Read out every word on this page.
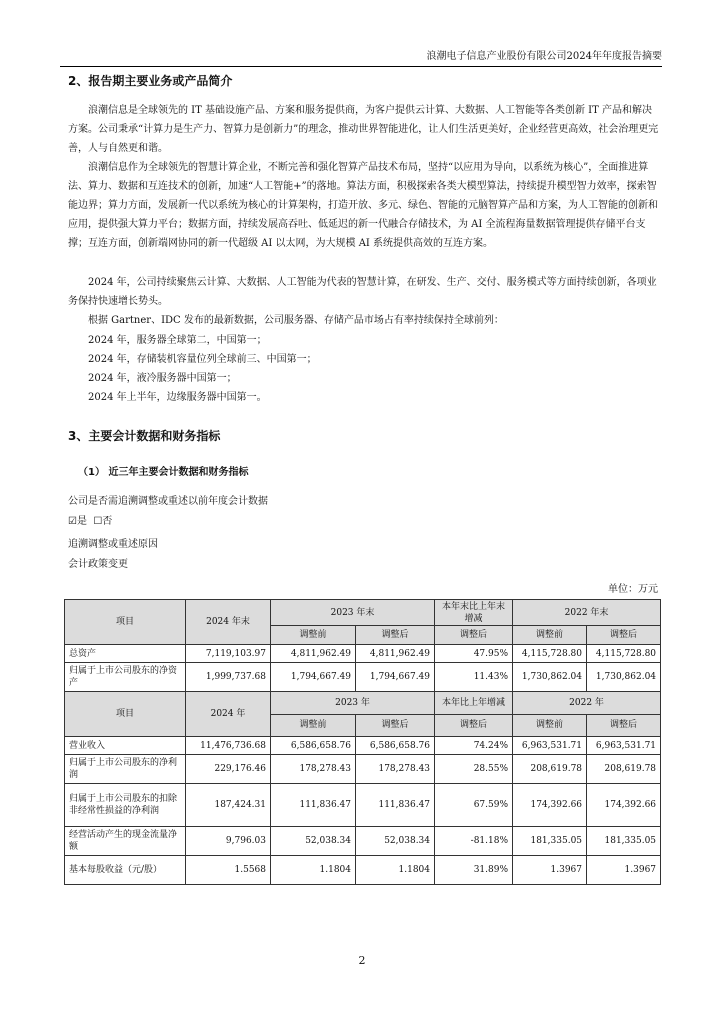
浪潮电子信息产业股份有限公司2024年年度报告摘要
2、报告期主要业务或产品简介

浪潮信息是全球领先的 IT 基础设施产品、方案和服务提供商，为客户提供云计算、大数据、人工智能等各类创新 IT 产品和解决方案。公司秉承“计算力是生产力、智算力是创新力”的理念，推动世界智能进化，让人们生活更美好，企业经营更高效，社会治理更完善，人与自然更和谐。

浪潮信息作为全球领先的智慧计算企业，不断完善和强化智算产品技术布局，坚持“以应用为导向，以系统为核心”，全面推进算法、算力、数据和互连技术的创新，加速“人工智能+”的落地。算法方面，积极探索各类大模型算法，持续提升模型智力效率，探索智能边界；算力方面，发展新一代以系统为核心的计算架构，打造开放、多元、绿色、智能的元脑智算产品和方案，为人工智能的创新和应用，提供强大算力平台；数据方面，持续发展高吞吐、低延迟的新一代融合存储技术，为 AI 全流程海量数据管理提供存储平台支撑；互连方面，创新端网协同的新一代超级 AI 以太网，为大规模 AI 系统提供高效的互连方案。

2024 年，公司持续聚焦云计算、大数据、人工智能为代表的智慧计算，在研发、生产、交付、服务模式等方面持续创新，各项业务保持快速增长势头。

根据 Gartner、IDC 发布的最新数据，公司服务器、存储产品市场占有率持续保持全球前列：
2024 年，服务器全球第二，中国第一；
2024 年，存储装机容量位列全球前三、中国第一；
2024 年，液冷服务器中国第一；
2024 年上半年，边缘服务器中国第一。
3、主要会计数据和财务指标
（1） 近三年主要会计数据和财务指标
公司是否需追溯调整或重述以前年度会计数据
☑是 ☐否
追溯调整或重述原因
会计政策变更
单位：万元
项目	2024 年末	2023 年末		本年末比上年末增减	2022 年末	
		调整前	调整后	调整后	调整前	调整后
总资产	7,119,103.97	4,811,962.49	4,811,962.49	47.95%	4,115,728.80	4,115,728.80
归属于上市公司股东的净资产	1,999,737.68	1,794,667.49	1,794,667.49	11.43%	1,730,862.04	1,730,862.04
项目	2024 年	2023 年		本年比上年增减	2022 年	
		调整前	调整后	调整后	调整前	调整后
营业收入	11,476,736.68	6,586,658.76	6,586,658.76	74.24%	6,963,531.71	6,963,531.71
归属于上市公司股东的净利润	229,176.46	178,278.43	178,278.43	28.55%	208,619.78	208,619.78
归属于上市公司股东的扣除非经常性损益的净利润	187,424.31	111,836.47	111,836.47	67.59%	174,392.66	174,392.66
经营活动产生的现金流量净额	9,796.03	52,038.34	52,038.34	-81.18%	181,335.05	181,335.05
基本每股收益（元/股）	1.5568	1.1804	1.1804	31.89%	1.3967	1.3967
2
